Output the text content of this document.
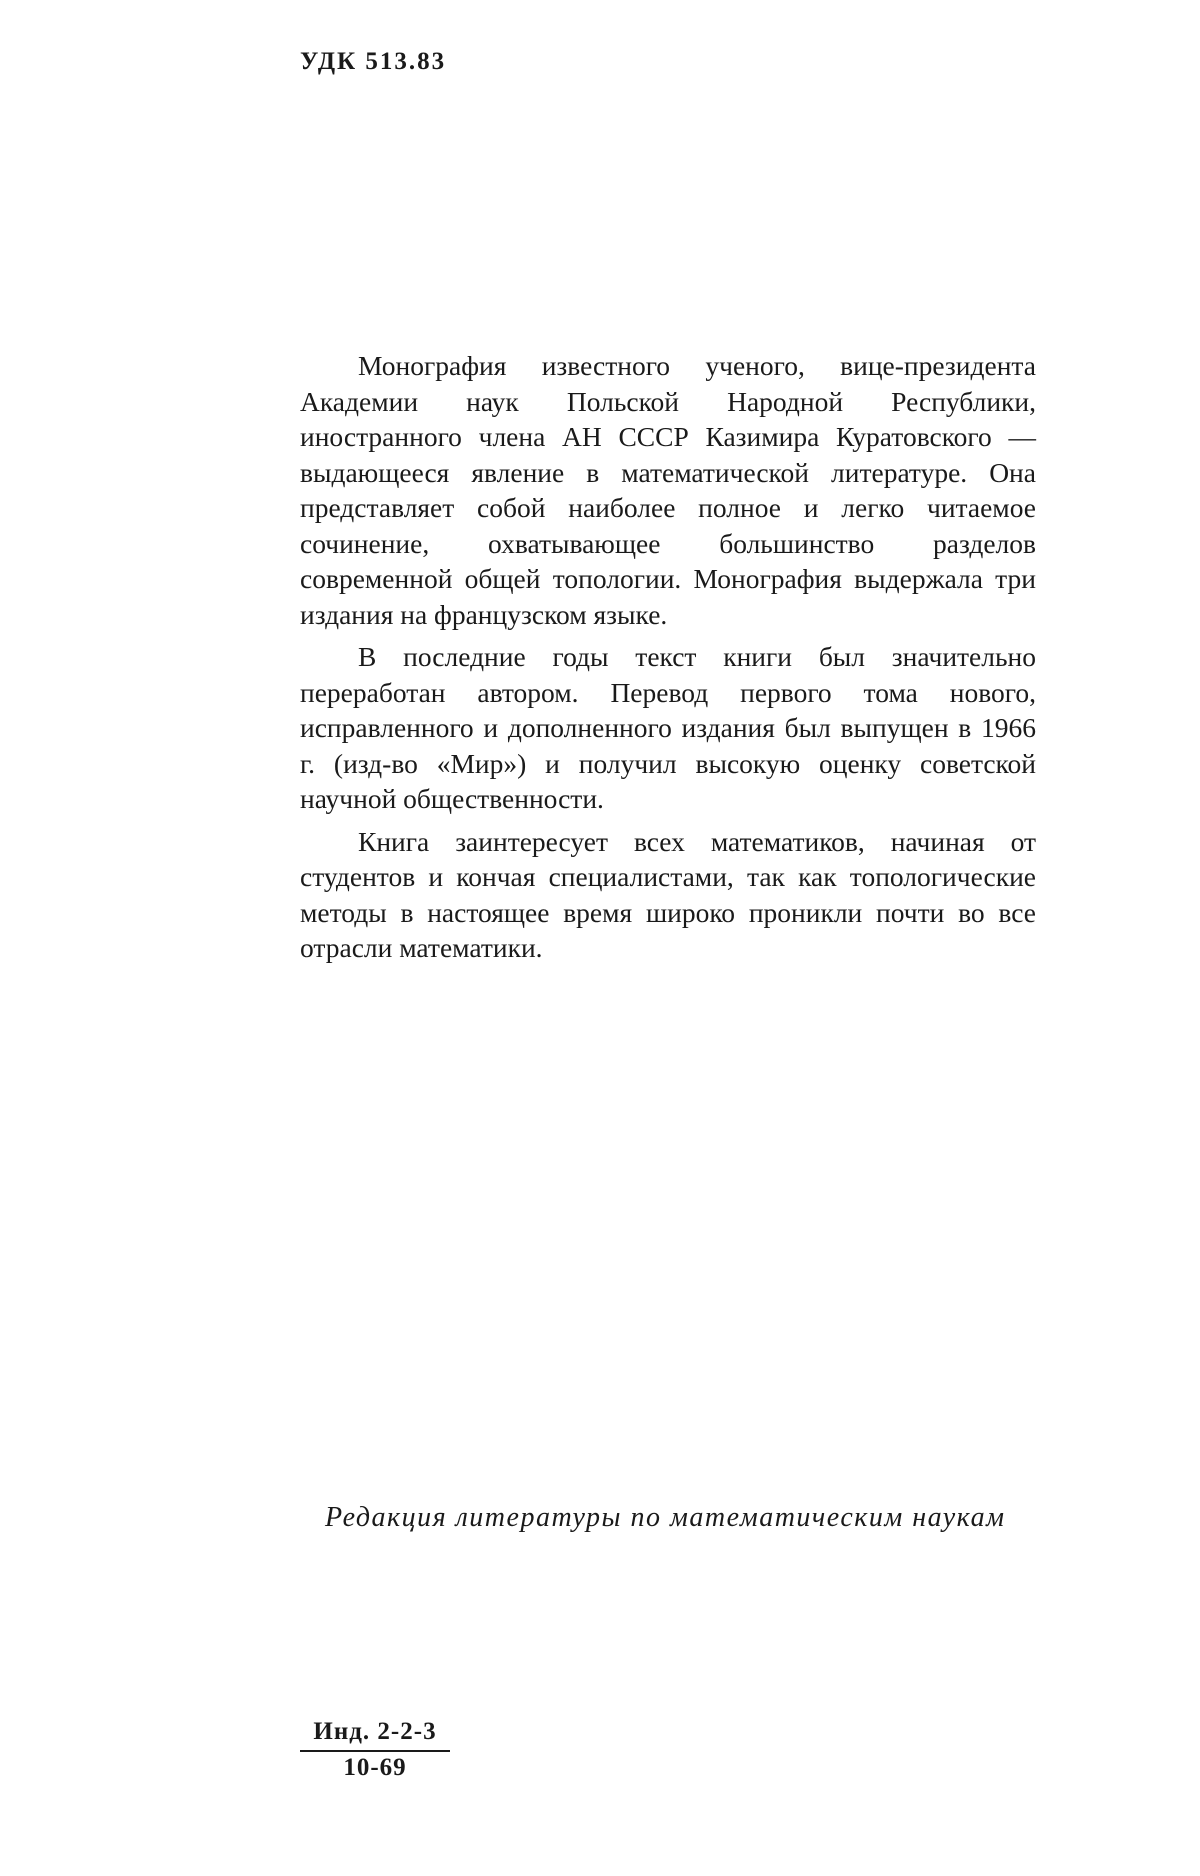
УДК 513.83

Монография известного ученого, вице-президента Академии наук Польской Народной Республики, иностранного члена АН СССР Казимира Куратовского — выдающееся явление в математической литературе. Она представляет собой наиболее полное и легко читаемое сочинение, охватывающее большинство разделов современной общей топологии. Монография выдержала три издания на французском языке.

В последние годы текст книги был значительно переработан автором. Перевод первого тома нового, исправленного и дополненного издания был выпущен в 1966 г. (изд-во «Мир») и получил высокую оценку советской научной общественности.

Книга заинтересует всех математиков, начиная от студентов и кончая специалистами, так как топологические методы в настоящее время широко проникли почти во все отрасли математики.

Редакция литературы по математическим наукам
Инд. 2-2-3
10-69
